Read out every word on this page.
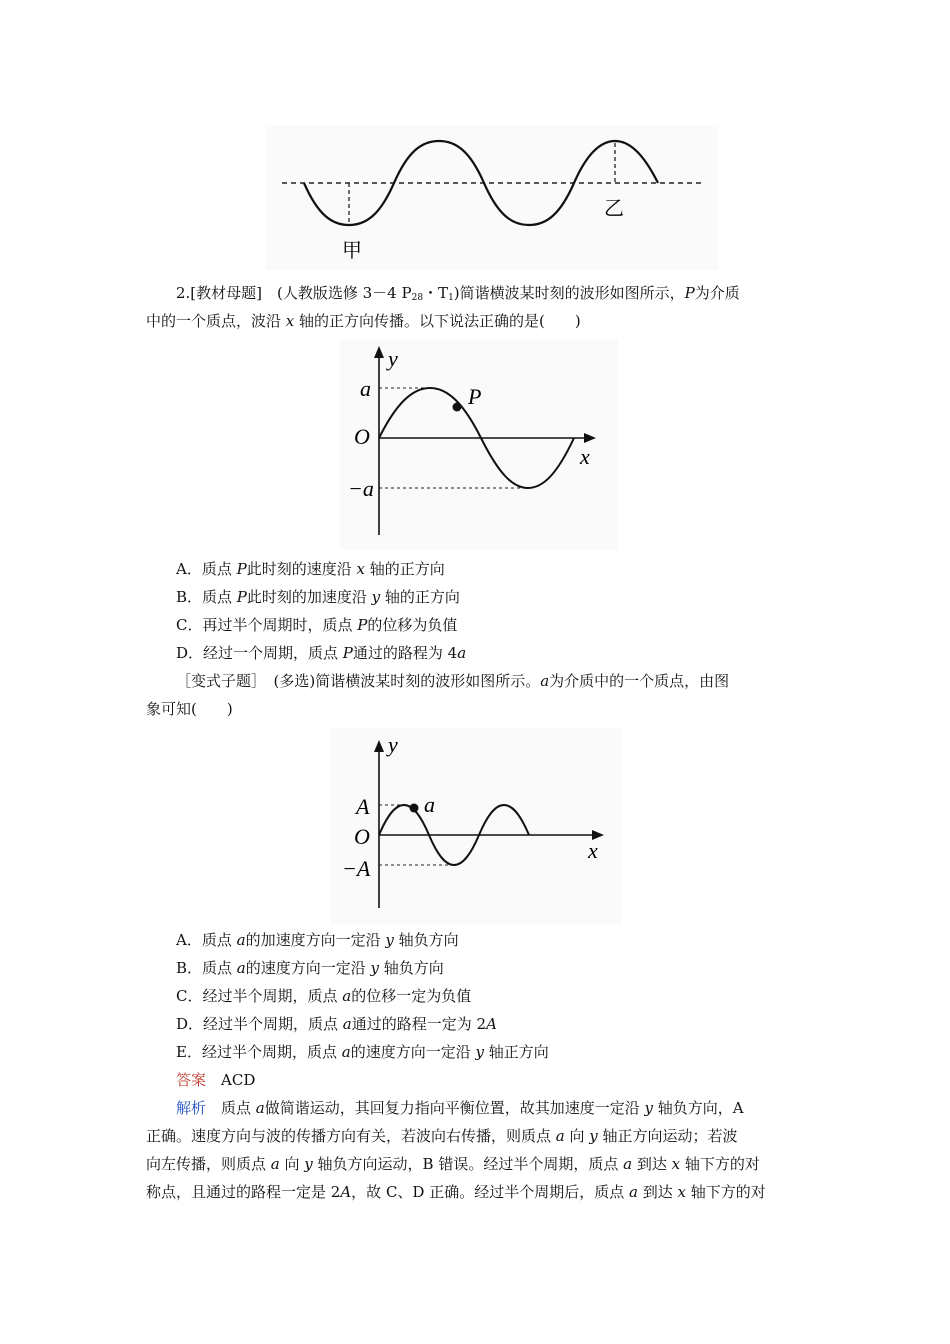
甲
乙
2.[教材母题]　(人教版选修 3－4 $P_{28}$・$T_1$)简谐横波某时刻的波形如图所示，P为介质
中的一个质点，波沿 x 轴的正方向传播。以下说法正确的是(　　)
y
x
a
−a
O
P
A．质点 P此时刻的速度沿 x 轴的正方向
B．质点 P此时刻的加速度沿 y 轴的正方向
C．再过半个周期时，质点 P的位移为负值
D．经过一个周期，质点 P通过的路程为 4a
［变式子题］　(多选)简谐横波某时刻的波形如图所示。a为介质中的一个质点，由图
象可知(　　)
y
x
A
−A
O
a
A．质点 a的加速度方向一定沿 y 轴负方向
B．质点 a的速度方向一定沿 y 轴负方向
C．经过半个周期，质点 a的位移一定为负值
D．经过半个周期，质点 a通过的路程一定为 2A
E．经过半个周期，质点 a的速度方向一定沿 y 轴正方向
答案　 ACD
解析　质点 a做简谐运动，其回复力指向平衡位置，故其加速度一定沿 y 轴负方向，A
正确。速度方向与波的传播方向有关，若波向右传播，则质点 a 向 y 轴正方向运动；若波
向左传播，则质点 a 向 y 轴负方向运动，B 错误。经过半个周期，质点 a 到达 x 轴下方的对
称点，且通过的路程一定是 2A，故 C、D 正确。经过半个周期后，质点 a 到达 x 轴下方的对
